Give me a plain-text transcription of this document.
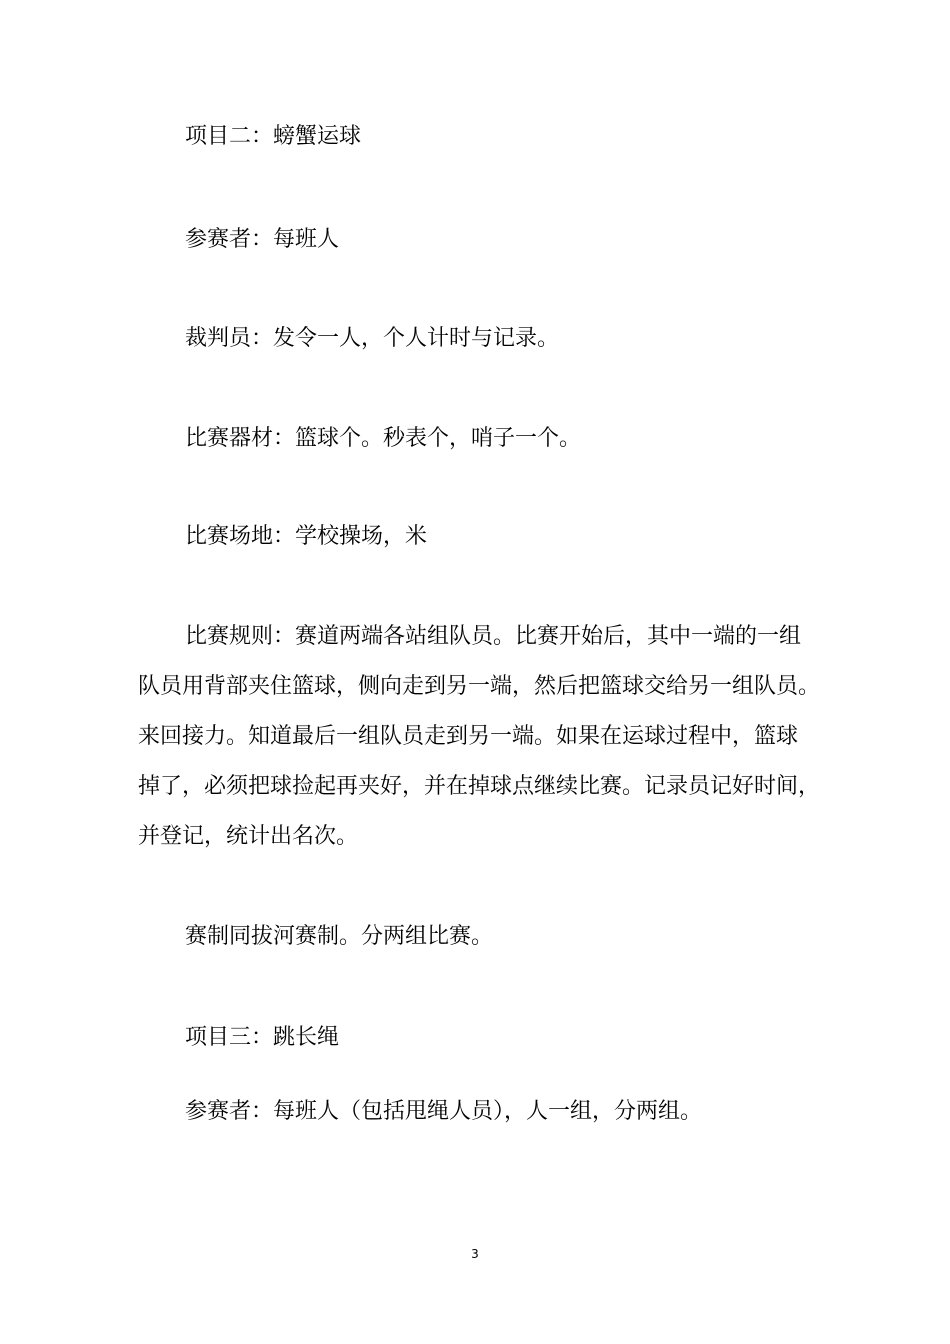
项目二：螃蟹运球

参赛者：每班人

裁判员：发令一人，个人计时与记录。

比赛器材：篮球个。秒表个，哨子一个。

比赛场地：学校操场，米

比赛规则：赛道两端各站组队员。比赛开始后，其中一端的一组

队员用背部夹住篮球，侧向走到另一端，然后把篮球交给另一组队员。

来回接力。知道最后一组队员走到另一端。如果在运球过程中，篮球

掉了，必须把球捡起再夹好，并在掉球点继续比赛。记录员记好时间，

并登记，统计出名次。

赛制同拔河赛制。分两组比赛。

项目三：跳长绳

参赛者：每班人（包括甩绳人员），人一组，分两组。

3
